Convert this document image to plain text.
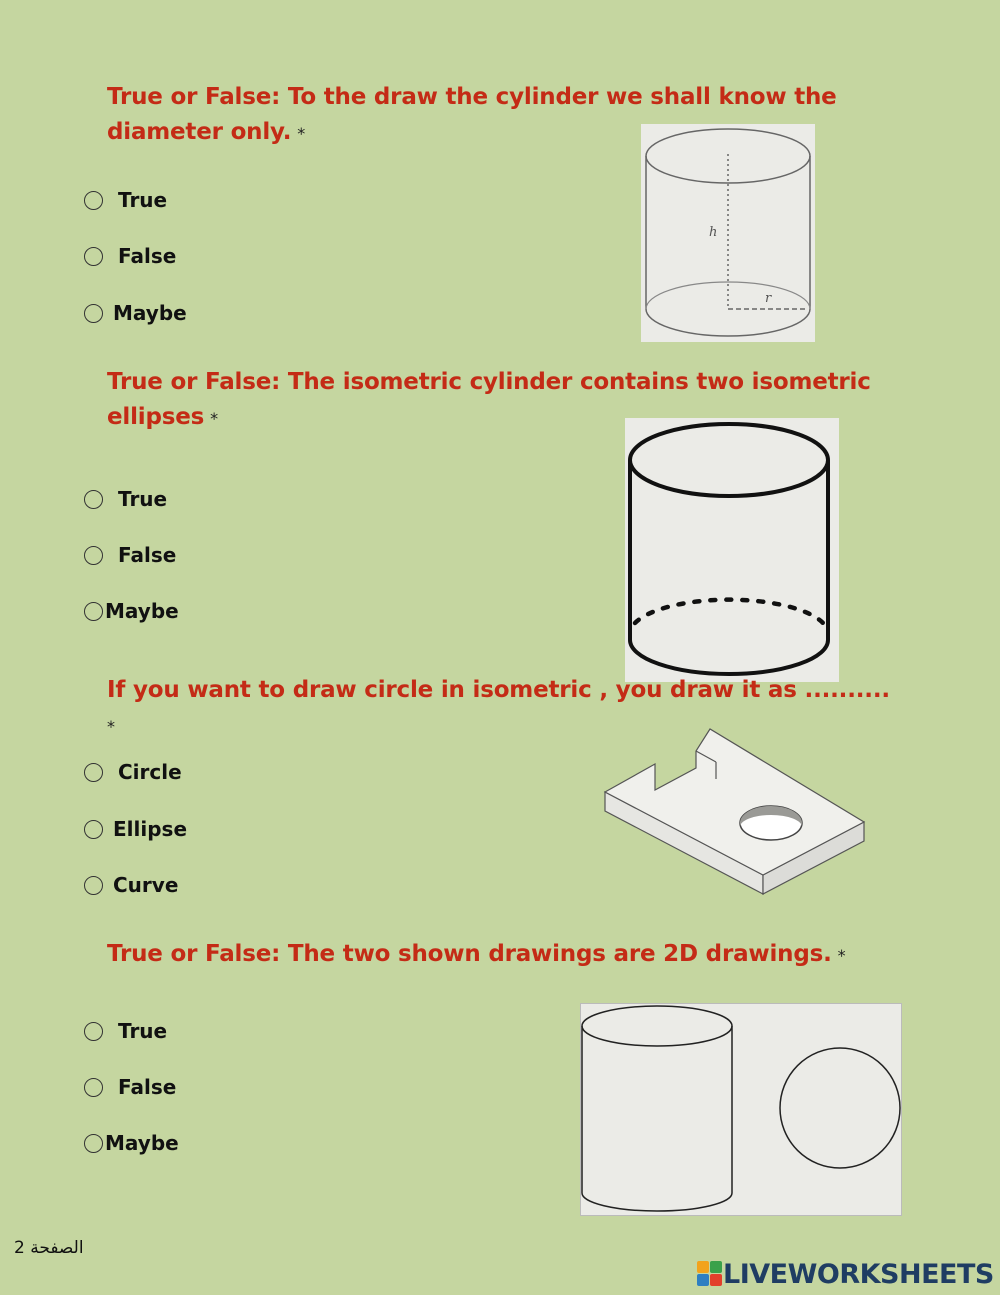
True or False: To the draw the cylinder we shall know the diameter only. *
True
False
Maybe
h
r
True or False: The isometric cylinder contains two isometric ellipses *
True
False
Maybe
If you want to draw circle in isometric , you draw it as ..........
*
Circle
Ellipse
Curve
True or False: The two shown drawings are 2D drawings. *
True
False
Maybe
الصفحة 2
LIVEWORKSHEETS
